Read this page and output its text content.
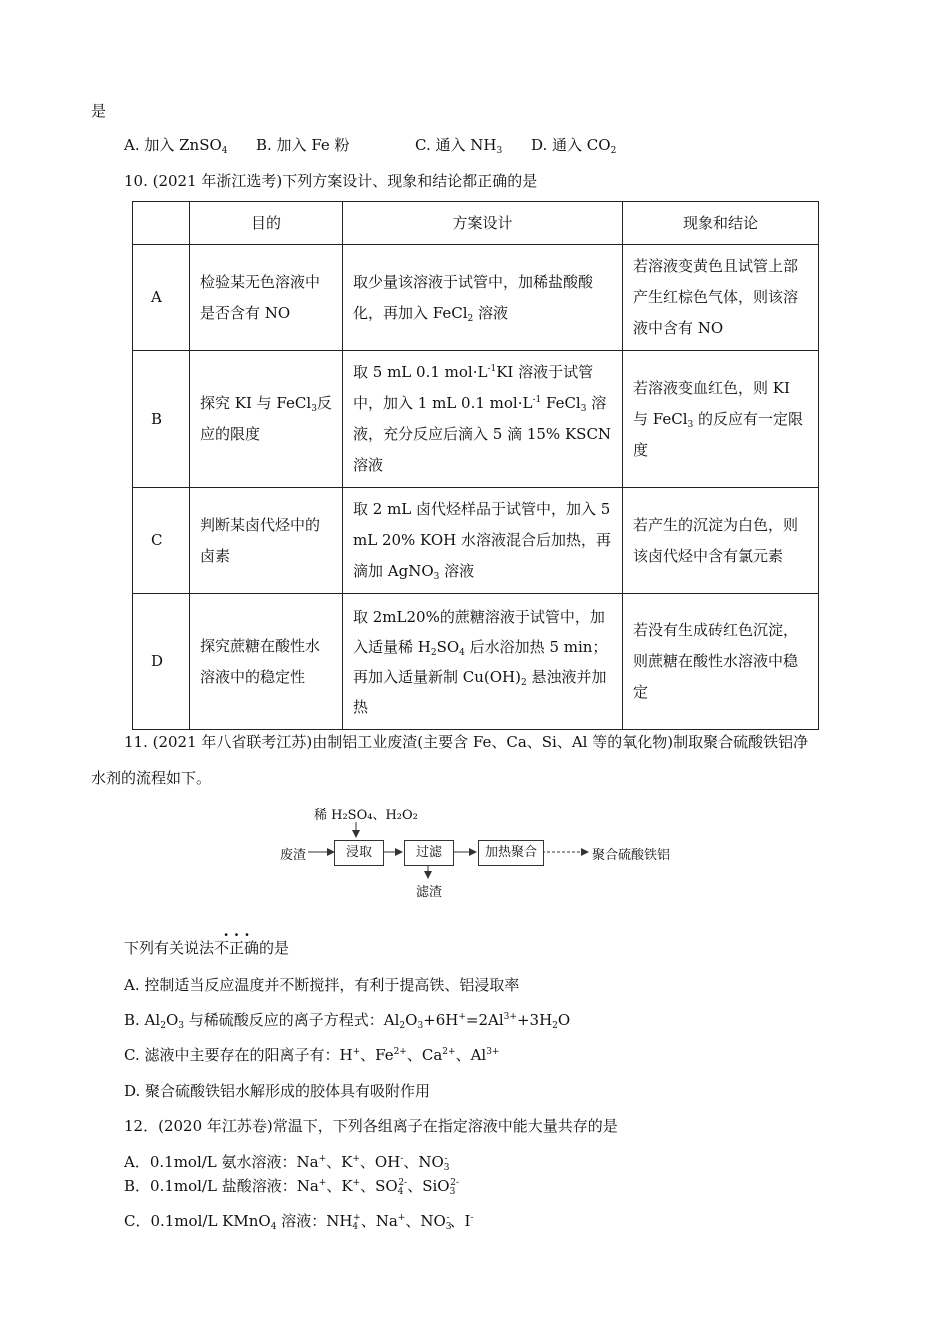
是
A. 加入 ZnSO$_4$ B. 加入 Fe 粉	C. 通入 $NH_3$ D. 通入 $CO_2$
10. (2021 年浙江选考)下列方案设计、现象和结论都正确的是
	目的	方案设计	现象和结论
A	检验某无色溶液中是否含有 NO	取少量该溶液于试管中，加稀盐酸酸化，再加入 FeCl$_2$ 溶液	若溶液变黄色且试管上部产生红棕色气体，则该溶液中含有 NO
B	探究 KI 与 FeCl$_3$反应的限度	取 5 mL 0.1 $mol\cdot L^{-1}KI$ 溶液于试管中，加入 1 mL 0.1 $mol\cdot L^{-1}$ FeCl$_3$ 溶液，充分反应后滴入 5 滴 15% KSCN 溶液	若溶液变血红色，则 KI 与 FeCl$_3$ 的反应有一定限度
C	判断某卤代烃中的卤素	取 2 mL 卤代烃样品于试管中，加入 5 mL 20% KOH 水溶液混合后加热，再滴加 AgNO$_3$ 溶液	若产生的沉淀为白色，则该卤代烃中含有氯元素
D	探究蔗糖在酸性水溶液中的稳定性	取 2mL20%的蔗糖溶液于试管中，加入适量稀 $H_2SO_4$ 后水浴加热 5 min；再加入适量新制 $Cu(OH)_2$ 悬浊液并加热	若没有生成砖红色沉淀，则蔗糖在酸性水溶液中稳定
11. (2021 年八省联考江苏)由制铝工业废渣(主要含 Fe、Ca、Si、Al 等的氧化物)制取聚合硫酸铁铝净
水剂的流程如下。
稀 H₂SO₄、H₂O₂
废渣	浸取	过滤	加热聚合	聚合硫酸铁铝
滤渣
下列有关说法不正确
· · ·
的是
A. 控制适当反应温度并不断搅拌，有利于提高铁、铝浸取率
B. $Al_2O_3$ 与稀硫酸反应的离子方程式：$Al_2O_3+6H^+=2Al^{3+}+3H_2O$
C. 滤液中主要存在的阳离子有：H+、$Fe^{2+}$、$Ca^{2+}$、$Al^{3+}$
D. 聚合硫酸铁铝水解形成的胶体具有吸附作用
12．(2020 年江苏卷)常温下，下列各组离子在指定溶液中能大量共存的是
A．0.1mol/L 氨水溶液：Na+、K+、OH-、$NO_3^-$
B．0.1mol/L 盐酸溶液：Na+、K+、$SO_4^{2-}$、SiO$_3^{2-}$
C．0.1mol/L KMnO$_4$ 溶液：$NH_4^+$、Na+、$NO_3^-$、I-
